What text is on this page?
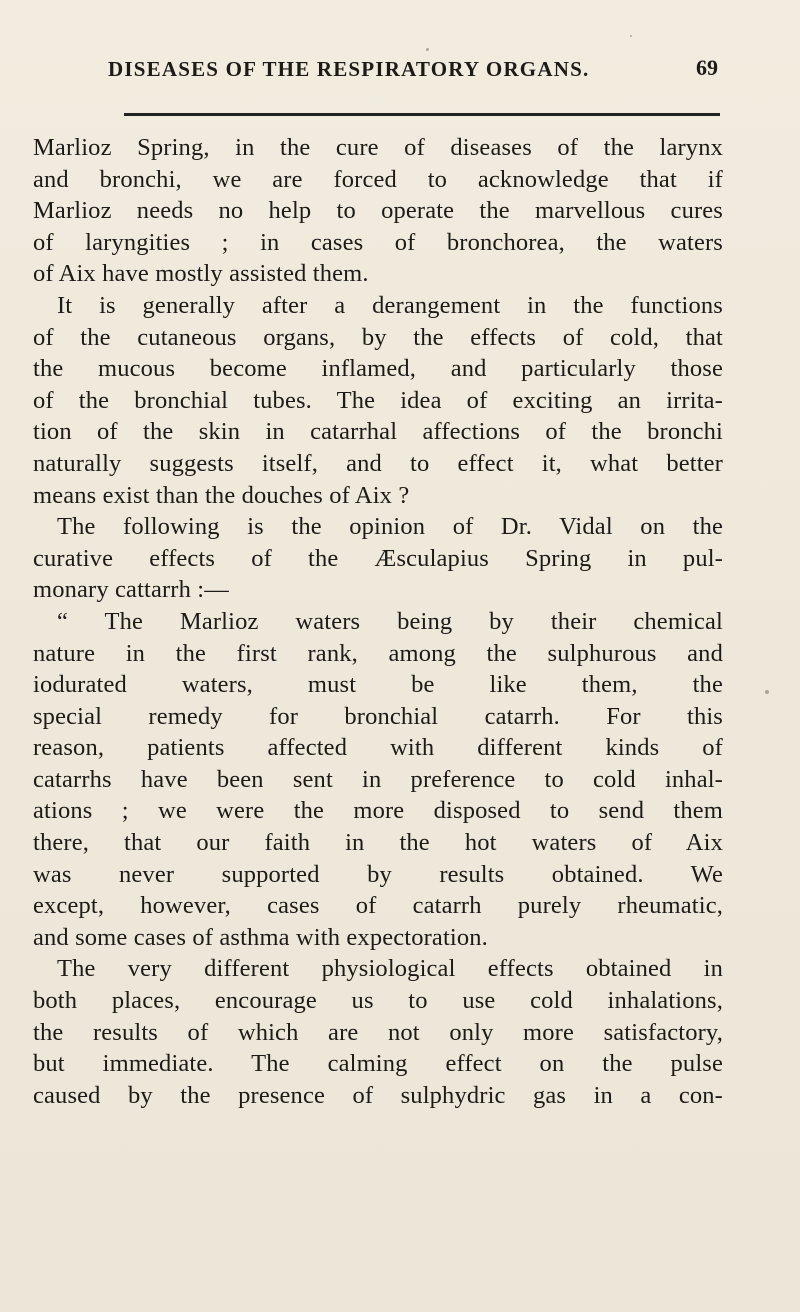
DISEASES OF THE RESPIRATORY ORGANS.	69
Marlioz Spring, in the cure of diseases of the larynx
and bronchi, we are forced to acknowledge that if
Marlioz needs no help to operate the marvellous cures
of laryngities ; in cases of bronchorea, the waters
of Aix have mostly assisted them.
It is generally after a derangement in the functions
of the cutaneous organs, by the effects of cold, that
the mucous become inflamed, and particularly those
of the bronchial tubes. The idea of exciting an irrita-
tion of the skin in catarrhal affections of the bronchi
naturally suggests itself, and to effect it, what better
means exist than the douches of Aix ?
The following is the opinion of Dr. Vidal on the
curative effects of the Æsculapius Spring in pul-
monary cattarrh :—
“ The Marlioz waters being by their chemical
nature in the first rank, among the sulphurous and
iodurated waters, must be like them, the
special remedy for bronchial catarrh. For this
reason, patients affected with different kinds of
catarrhs have been sent in preference to cold inhal-
ations ; we were the more disposed to send them
there, that our faith in the hot waters of Aix
was never supported by results obtained. We
except, however, cases of catarrh purely rheumatic,
and some cases of asthma with expectoration.
The very different physiological effects obtained in
both places, encourage us to use cold inhalations,
the results of which are not only more satisfactory,
but immediate. The calming effect on the pulse
caused by the presence of sulphydric gas in a con-
